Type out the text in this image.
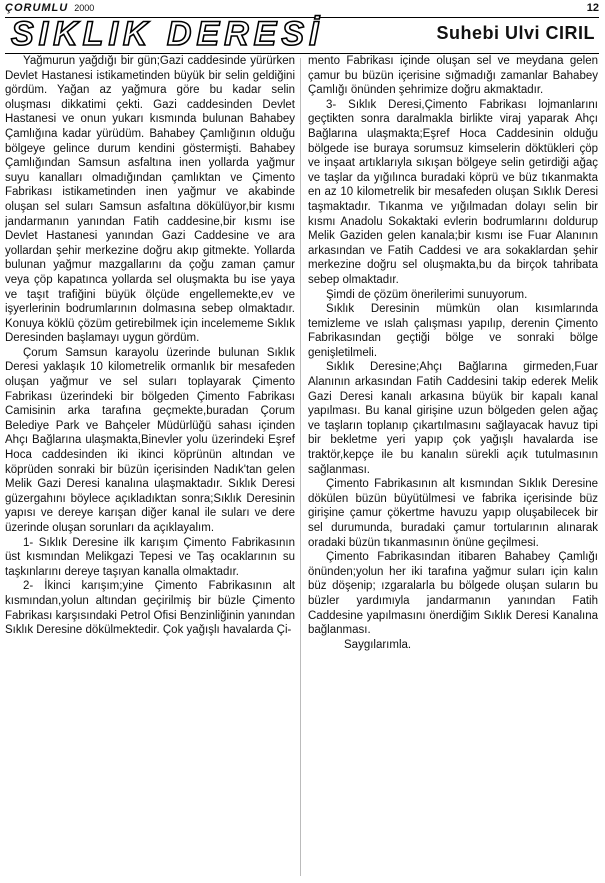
ÇORUMLU 2000	12
SIKLIK DERESİ	Suhebi Ulvi CIRIL

Yağmurun yağdığı bir gün;Gazi caddesinde yürürken Devlet Hastanesi istikametinden büyük bir selin geldiğini gördüm. Yağan az yağmura göre bu kadar selin oluşması dikkatimi çekti. Gazi caddesinden Devlet Hastanesi ve onun yukarı kısmında bulunan Bahabey Çamlığına kadar yürüdüm. Bahabey Çamlığının olduğu bölgeye gelince durum kendini göstermişti. Bahabey Çamlığından Samsun asfaltına inen yollarda yağmur suyu kanalları olmadığından çamlıktan ve Çimento Fabrikası istikametinden inen yağmur ve akabinde oluşan sel suları Samsun asfaltına dökülüyor,bir kısmı jandarmanın yanından Fatih caddesine,bir kısmı ise Devlet Hastanesi yanından Gazi Caddesine ve ara yollardan şehir merkezine doğru akıp gitmekte. Yollarda bulunan yağmur mazgallarını da çoğu zaman çamur veya çöp kapatınca yollarda sel oluşmakta bu ise yaya ve taşıt trafiğini büyük ölçüde engellemekte,ev ve işyerlerinin bodrumlarının dolmasına sebep olmaktadır. Konuya köklü çözüm getirebilmek için incelememe Sıklık Deresinden başlamayı uygun gördüm.

Çorum Samsun karayolu üzerinde bulunan Sıklık Deresi yaklaşık 10 kilometrelik ormanlık bir mesafeden oluşan yağmur ve sel suları toplayarak Çimento Fabrikası üzerindeki bir bölgeden Çimento Fabrikası Camisinin arka tarafına geçmekte,buradan Çorum Belediye Park ve Bahçeler Müdürlüğü sahası içinden Ahçı Bağlarına ulaşmakta,Binevler yolu üzerindeki Eşref Hoca caddesinden iki ikinci köprünün altından ve köprüden sonraki bir büzün içerisinden Nadık'tan gelen Melik Gazi Deresi kanalına ulaşmaktadır. Sıklık Deresi güzergahını böylece açıkladıktan sonra;Sıklık Deresinin yapısı ve dereye karışan diğer kanal ile suları ve dere üzerinde oluşan sorunları da açıklayalım.

1- Sıklık Deresine ilk karışım Çimento Fabrikasının üst kısmından Melikgazi Tepesi ve Taş ocaklarının su taşkınlarını dereye taşıyan kanalla olmaktadır.

2- İkinci karışım;yine Çimento Fabrikasının alt kısmından,yolun altından geçirilmiş bir büzle Çimento Fabrikası karşısındaki Petrol Ofisi Benzinliğinin yanından Sıklık Deresine dökülmektedir. Çok yağışlı havalarda Çi-

mento Fabrikası içinde oluşan sel ve meydana gelen çamur bu büzün içerisine sığmadığı zamanlar Bahabey Çamlığı önünden şehrimize doğru akmaktadır.

3- Sıklık Deresi,Çimento Fabrikası lojmanlarını geçtikten sonra daralmakla birlikte viraj yaparak Ahçı Bağlarına ulaşmakta;Eşref Hoca Caddesinin olduğu bölgede ise buraya sorumsuz kimselerin döktükleri çöp ve inşaat artıklarıyla sıkışan bölgeye selin getirdiği ağaç ve taşlar da yığılınca buradaki köprü ve büz tıkanmakta en az 10 kilometrelik bir mesafeden oluşan Sıklık Deresi taşmaktadır. Tıkanma ve yığılmadan dolayı selin bir kısmı Anadolu Sokaktaki evlerin bodrumlarını doldurup Melik Gaziden gelen kanala;bir kısmı ise Fuar Alanının arkasından ve Fatih Caddesi ve ara sokaklardan şehir merkezine doğru sel oluşmakta,bu da birçok tahribata sebep olmaktadır.

Şimdi de çözüm önerilerimi sunuyorum.

Sıklık Deresinin mümkün olan kısımlarında temizleme ve ıslah çalışması yapılıp, derenin Çimento Fabrikasından geçtiği bölge ve sonraki bölge genişletilmeli.

Sıklık Deresine;Ahçı Bağlarına girmeden,Fuar Alanının arkasından Fatih Caddesini takip ederek Melik Gazi Deresi kanalı arkasına büyük bir kapalı kanal yapılması. Bu kanal girişine uzun bölgeden gelen ağaç ve taşların toplanıp çıkartılmasını sağlayacak havuz tipi bir bekletme yeri yapıp çok yağışlı havalarda ise traktör,kepçe ile bu kanalın sürekli açık tutulmasının sağlanması.

Çimento Fabrikasının alt kısmından Sıklık Deresine dökülen büzün büyütülmesi ve fabrika içerisinde büz girişine çamur çökertme havuzu yapıp oluşabilecek bir sel durumunda, buradaki çamur tortularının alınarak oradaki büzün tıkanmasının önüne geçilmesi.

Çimento Fabrikasından itibaren Bahabey Çamlığı önünden;yolun her iki tarafına yağmur suları için kalın büz döşenip; ızgaralarla bu bölgede oluşan suların bu büzler yardımıyla jandarmanın yanından Fatih Caddesine yapılmasını önerdiğim Sıklık Deresi Kanalına bağlanması.

Saygılarımla.
